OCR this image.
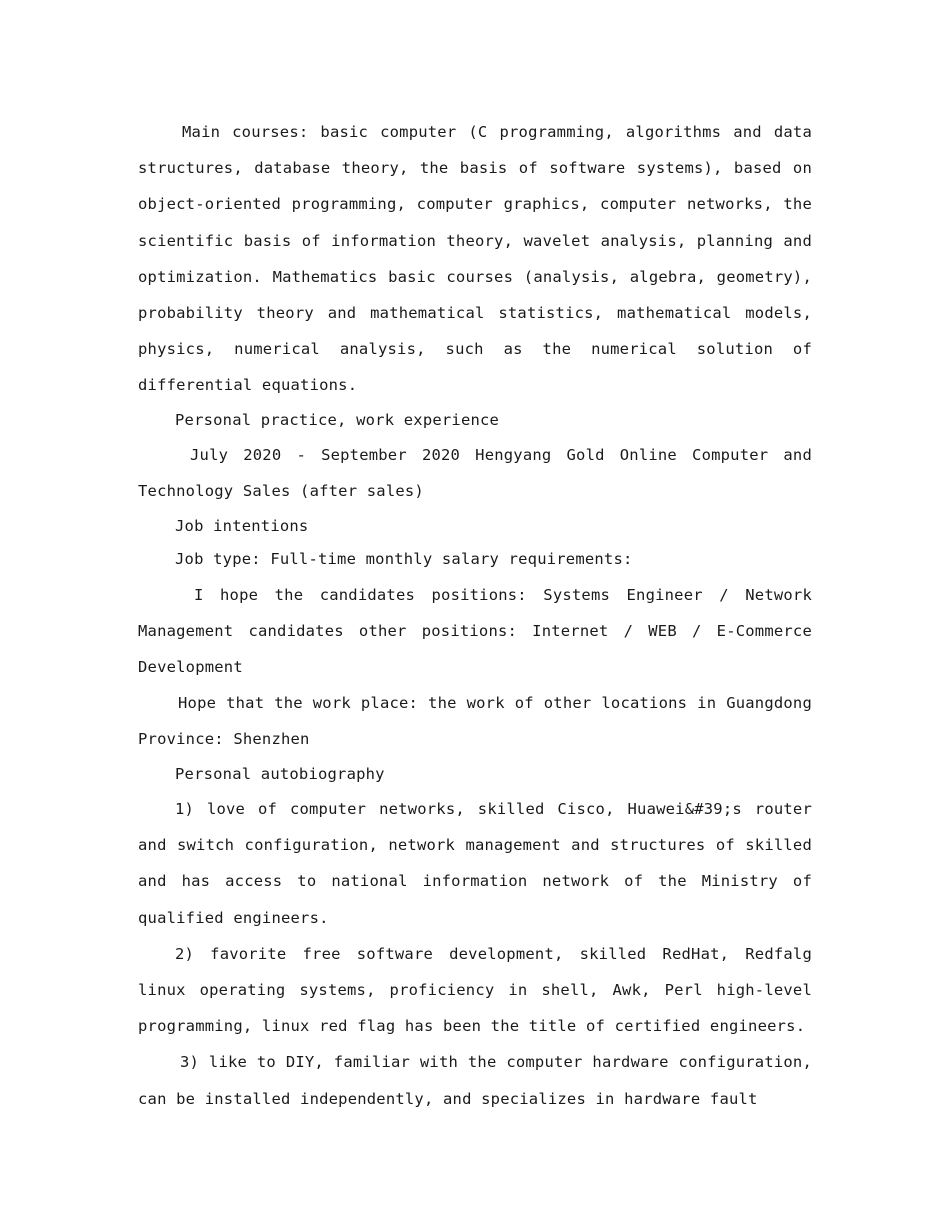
Main courses: basic computer (C programming, algorithms and data structures, database theory, the basis of software systems), based on object-oriented programming, computer graphics, computer networks, the scientific basis of information theory, wavelet analysis, planning and optimization. Mathematics basic courses (analysis, algebra, geometry), probability theory and mathematical statistics, mathematical models, physics, numerical analysis, such as the numerical solution of differential equations.

Personal practice, work experience

July 2020 - September 2020 Hengyang Gold Online Computer and Technology Sales (after sales)

Job intentions

Job type: Full-time monthly salary requirements:

I hope the candidates positions: Systems Engineer / Network Management candidates other positions: Internet / WEB / E-Commerce Development

Hope that the work place: the work of other locations in Guangdong Province: Shenzhen

Personal autobiography

1) love of computer networks, skilled Cisco, Huawei&#39;s router and switch configuration, network management and structures of skilled and has access to national information network of the Ministry of qualified engineers.

2) favorite free software development, skilled RedHat, Redfalg linux operating systems, proficiency in shell, Awk, Perl high-level programming, linux red flag has been the title of certified engineers.

3) like to DIY, familiar with the computer hardware configuration, can be installed independently, and specializes in hardware fault
